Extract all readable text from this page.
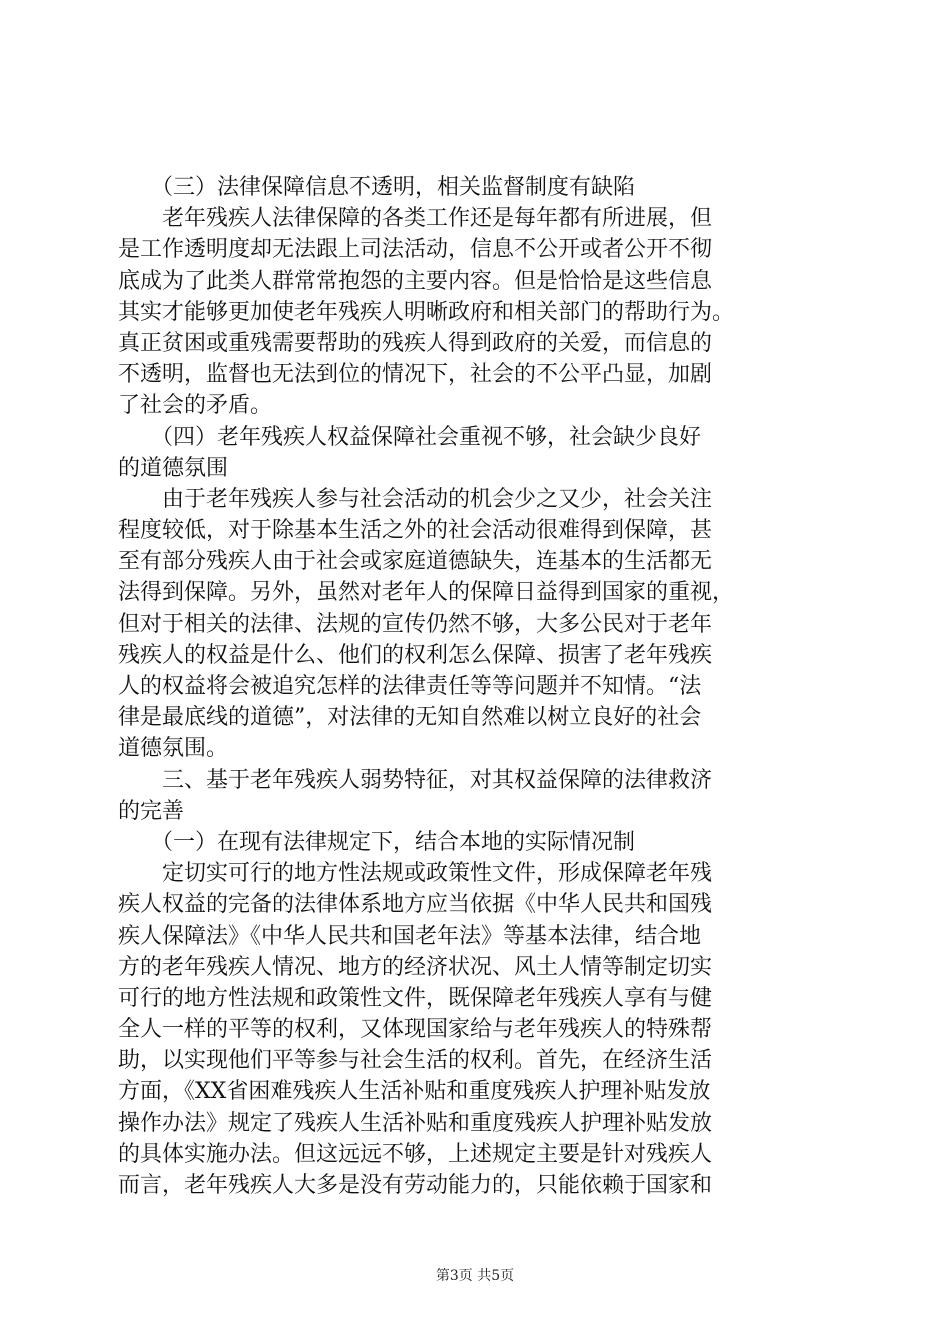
　　（三）法律保障信息不透明，相关监督制度有缺陷
　　老年残疾人法律保障的各类工作还是每年都有所进展，但
是工作透明度却无法跟上司法活动，信息不公开或者公开不彻
底成为了此类人群常常抱怨的主要内容。但是恰恰是这些信息
其实才能够更加使老年残疾人明晰政府和相关部门的帮助行为。
真正贫困或重残需要帮助的残疾人得到政府的关爱，而信息的
不透明，监督也无法到位的情况下，社会的不公平凸显，加剧
了社会的矛盾。
　　（四）老年残疾人权益保障社会重视不够，社会缺少良好
的道德氛围
　　由于老年残疾人参与社会活动的机会少之又少，社会关注
程度较低，对于除基本生活之外的社会活动很难得到保障，甚
至有部分残疾人由于社会或家庭道德缺失，连基本的生活都无
法得到保障。另外，虽然对老年人的保障日益得到国家的重视，
但对于相关的法律、法规的宣传仍然不够，大多公民对于老年
残疾人的权益是什么、他们的权利怎么保障、损害了老年残疾
人的权益将会被追究怎样的法律责任等等问题并不知情。“法
律是最底线的道德”，对法律的无知自然难以树立良好的社会
道德氛围。
　　三、基于老年残疾人弱势特征，对其权益保障的法律救济
的完善
　　（一）在现有法律规定下，结合本地的实际情况制
　　定切实可行的地方性法规或政策性文件，形成保障老年残
疾人权益的完备的法律体系地方应当依据《中华人民共和国残
疾人保障法》《中华人民共和国老年法》等基本法律，结合地
方的老年残疾人情况、地方的经济状况、风土人情等制定切实
可行的地方性法规和政策性文件，既保障老年残疾人享有与健
全人一样的平等的权利，又体现国家给与老年残疾人的特殊帮
助，以实现他们平等参与社会生活的权利。首先，在经济生活
方面，《XX省困难残疾人生活补贴和重度残疾人护理补贴发放
操作办法》规定了残疾人生活补贴和重度残疾人护理补贴发放
的具体实施办法。但这远远不够，上述规定主要是针对残疾人
而言，老年残疾人大多是没有劳动能力的，只能依赖于国家和
第3页 共5页
